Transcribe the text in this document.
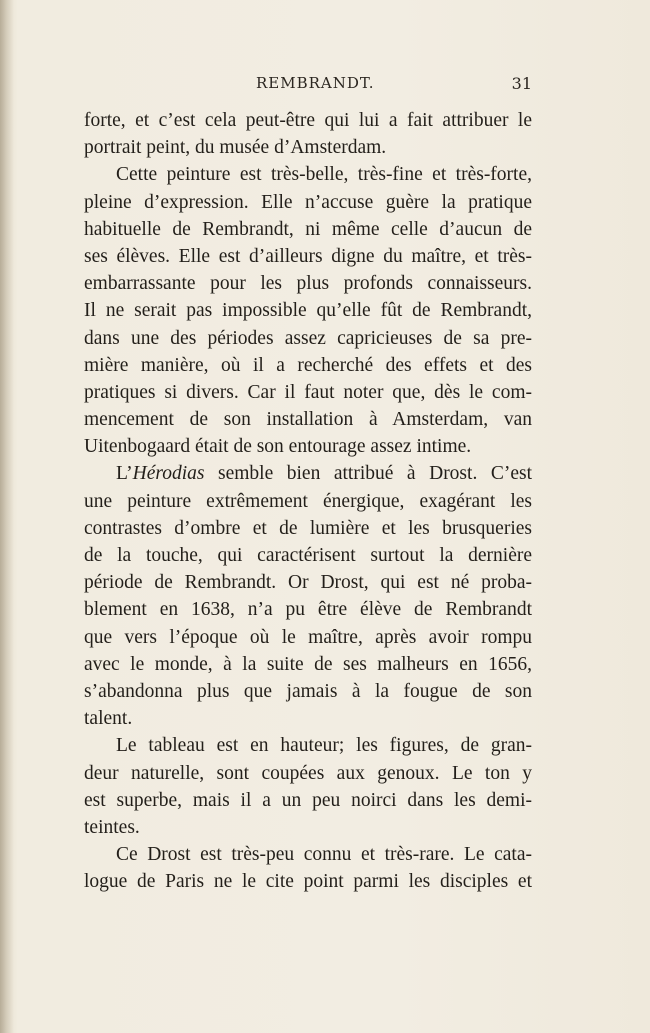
REMBRANDT.	31
forte, et c’est cela peut-être qui lui a fait attribuer le
portrait peint, du musée d’Amsterdam.
Cette peinture est très-belle, très-fine et très-forte,
pleine d’expression. Elle n’accuse guère la pratique
habituelle de Rembrandt, ni même celle d’aucun de
ses élèves. Elle est d’ailleurs digne du maître, et très-
embarrassante pour les plus profonds connaisseurs.
Il ne serait pas impossible qu’elle fût de Rembrandt,
dans une des périodes assez capricieuses de sa pre-
mière manière, où il a recherché des effets et des
pratiques si divers. Car il faut noter que, dès le com-
mencement de son installation à Amsterdam, van
Uitenbogaard était de son entourage assez intime.
L’Hérodias semble bien attribué à Drost. C’est
une peinture extrêmement énergique, exagérant les
contrastes d’ombre et de lumière et les brusqueries
de la touche, qui caractérisent surtout la dernière
période de Rembrandt. Or Drost, qui est né proba-
blement en 1638, n’a pu être élève de Rembrandt
que vers l’époque où le maître, après avoir rompu
avec le monde, à la suite de ses malheurs en 1656,
s’abandonna plus que jamais à la fougue de son
talent.
Le tableau est en hauteur; les figures, de gran-
deur naturelle, sont coupées aux genoux. Le ton y
est superbe, mais il a un peu noirci dans les demi-
teintes.
Ce Drost est très-peu connu et très-rare. Le cata-
logue de Paris ne le cite point parmi les disciples et
